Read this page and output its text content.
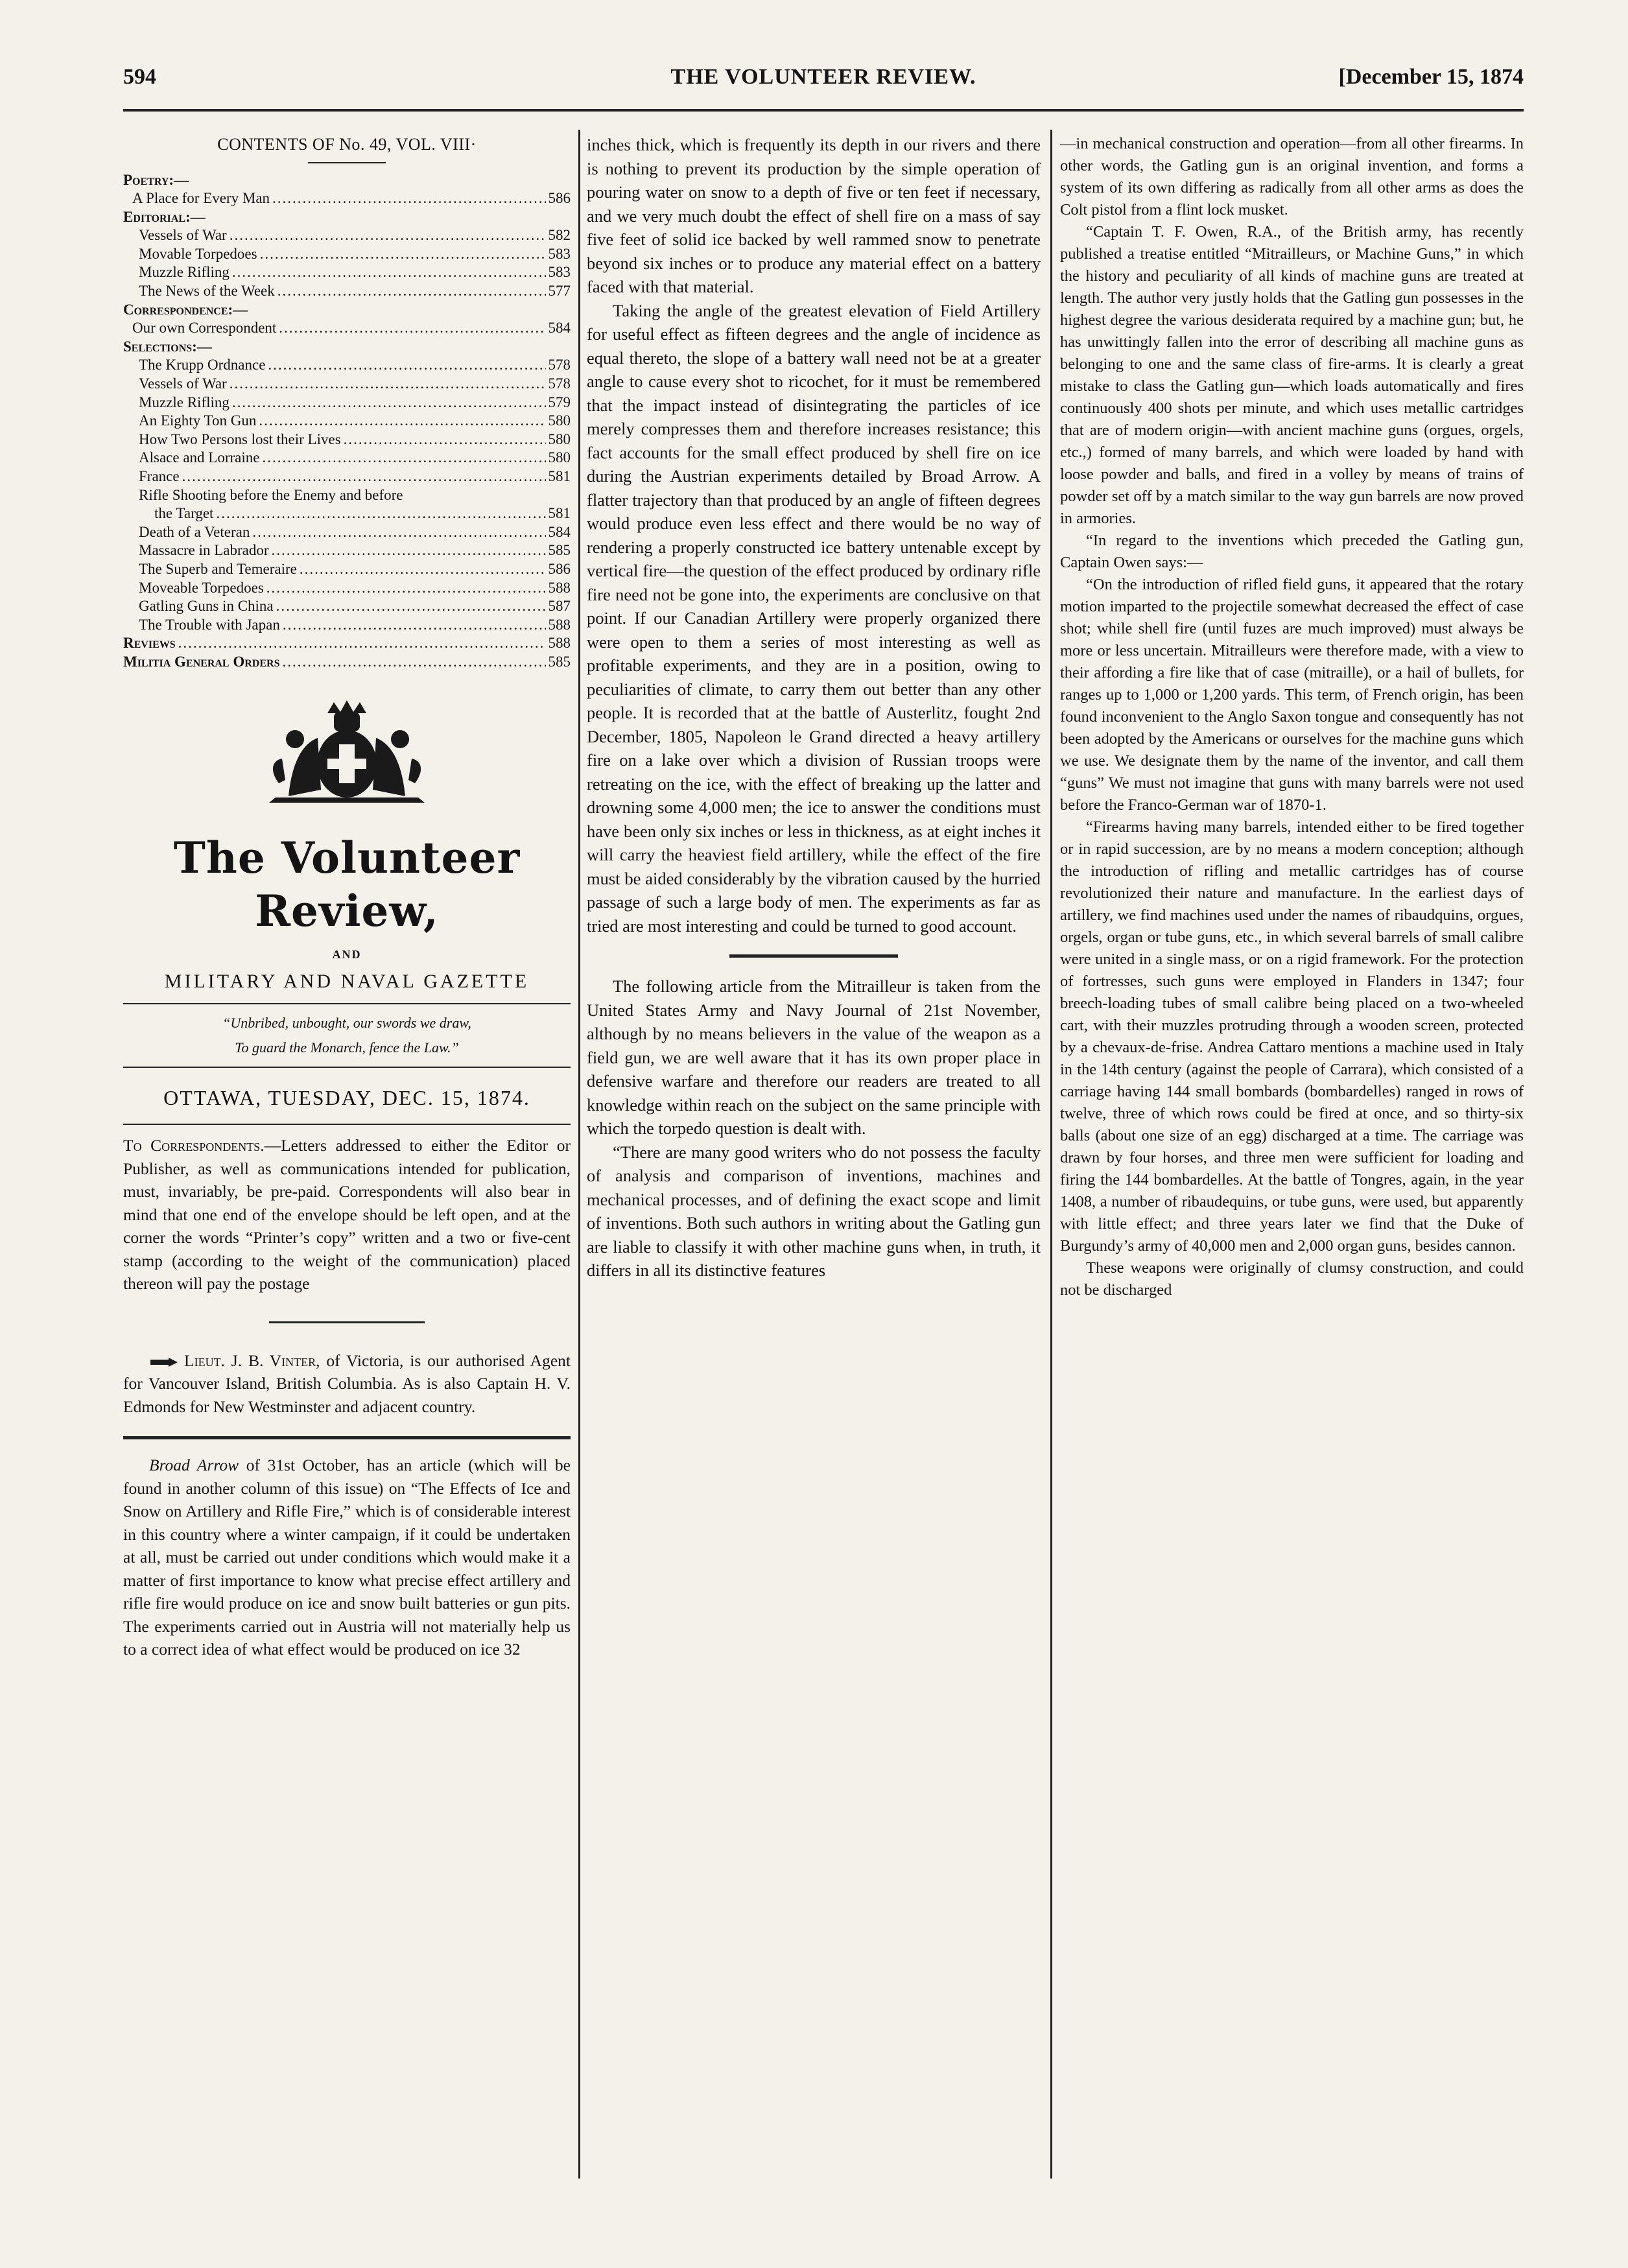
594	THE VOLUNTEER REVIEW.	[December 15, 1874
CONTENTS OF No. 49, VOL. VIII·
Poetry:—
A Place for Every Man .....	586
Editorial:—
Vessels of War .....	582
Movable Torpedoes .....	583
Muzzle Rifling .....	583
The News of the Week .....	577
Correspondence:—
Our own Correspondent .....	584
Selections:—
The Krupp Ordnance .....	578
Vessels of War .....	578
Muzzle Rifling .....	579
An Eighty Ton Gun .....	580
How Two Persons lost their Lives .....	580
Alsace and Lorraine .....	580
France .....	581
Rifle Shooting before the Enemy and before
the Target .....	581
Death of a Veteran .....	584
Massacre in Labrador .....	585
The Superb and Temeraire .....	586
Moveable Torpedoes .....	588
Gatling Guns in China .....	587
The Trouble with Japan .....	588
Reviews .....	588
Militia General Orders .....	585
The Volunteer Review,
AND
MILITARY AND NAVAL GAZETTE
“Unbribed, unbought, our swords we draw,
To guard the Monarch, fence the Law.”
OTTAWA, TUESDAY, DEC. 15, 1874.

To Correspondents.—Letters addressed to either the Editor or Publisher, as well as communications intended for publication, must, invariably, be pre-paid. Correspondents will also bear in mind that one end of the envelope should be left open, and at the corner the words “Printer’s copy” written and a two or five-cent stamp (according to the weight of the communication) placed thereon will pay the postage

Lieut. J. B. Vinter, of Victoria, is our authorised Agent for Vancouver Island, British Columbia. As is also Captain H. V. Edmonds for New Westminster and adjacent country.

Broad Arrow of 31st October, has an article (which will be found in another column of this issue) on “The Effects of Ice and Snow on Artillery and Rifle Fire,” which is of considerable interest in this country where a winter campaign, if it could be undertaken at all, must be carried out under conditions which would make it a matter of first importance to know what precise effect artillery and rifle fire would produce on ice and snow built batteries or gun pits. The experiments carried out in Austria will not materially help us to a correct idea of what effect would be produced on ice 32

inches thick, which is frequently its depth in our rivers and there is nothing to prevent its production by the simple operation of pouring water on snow to a depth of five or ten feet if necessary, and we very much doubt the effect of shell fire on a mass of say five feet of solid ice backed by well rammed snow to penetrate beyond six inches or to produce any material effect on a battery faced with that material.

Taking the angle of the greatest elevation of Field Artillery for useful effect as fifteen degrees and the angle of incidence as equal thereto, the slope of a battery wall need not be at a greater angle to cause every shot to ricochet, for it must be remembered that the impact instead of disintegrating the particles of ice merely compresses them and therefore increases resistance; this fact accounts for the small effect produced by shell fire on ice during the Austrian experiments detailed by Broad Arrow. A flatter trajectory than that produced by an angle of fifteen degrees would produce even less effect and there would be no way of rendering a properly constructed ice battery untenable except by vertical fire—the question of the effect produced by ordinary rifle fire need not be gone into, the experiments are conclusive on that point. If our Canadian Artillery were properly organized there were open to them a series of most interesting as well as profitable experiments, and they are in a position, owing to peculiarities of climate, to carry them out better than any other people. It is recorded that at the battle of Austerlitz, fought 2nd December, 1805, Napoleon le Grand directed a heavy artillery fire on a lake over which a division of Russian troops were retreating on the ice, with the effect of breaking up the latter and drowning some 4,000 men; the ice to answer the conditions must have been only six inches or less in thickness, as at eight inches it will carry the heaviest field artillery, while the effect of the fire must be aided considerably by the vibration caused by the hurried passage of such a large body of men. The experiments as far as tried are most interesting and could be turned to good account.

The following article from the Mitrailleur is taken from the United States Army and Navy Journal of 21st November, although by no means believers in the value of the weapon as a field gun, we are well aware that it has its own proper place in defensive warfare and therefore our readers are treated to all knowledge within reach on the subject on the same principle with which the torpedo question is dealt with.

“There are many good writers who do not possess the faculty of analysis and comparison of inventions, machines and mechanical processes, and of defining the exact scope and limit of inventions. Both such authors in writing about the Gatling gun are liable to classify it with other machine guns when, in truth, it differs in all its distinctive features

—in mechanical construction and operation—from all other firearms. In other words, the Gatling gun is an original invention, and forms a system of its own differing as radically from all other arms as does the Colt pistol from a flint lock musket.

“Captain T. F. Owen, R.A., of the British army, has recently published a treatise entitled “Mitrailleurs, or Machine Guns,” in which the history and peculiarity of all kinds of machine guns are treated at length. The author very justly holds that the Gatling gun possesses in the highest degree the various desiderata required by a machine gun; but, he has unwittingly fallen into the error of describing all machine guns as belonging to one and the same class of fire-arms. It is clearly a great mistake to class the Gatling gun—which loads automatically and fires continuously 400 shots per minute, and which uses metallic cartridges that are of modern origin—with ancient machine guns (orgues, orgels, etc.,) formed of many barrels, and which were loaded by hand with loose powder and balls, and fired in a volley by means of trains of powder set off by a match similar to the way gun barrels are now proved in armories.

“In regard to the inventions which preceded the Gatling gun, Captain Owen says:—

“On the introduction of rifled field guns, it appeared that the rotary motion imparted to the projectile somewhat decreased the effect of case shot; while shell fire (until fuzes are much improved) must always be more or less uncertain. Mitrailleurs were therefore made, with a view to their affording a fire like that of case (mitraille), or a hail of bullets, for ranges up to 1,000 or 1,200 yards. This term, of French origin, has been found inconvenient to the Anglo Saxon tongue and consequently has not been adopted by the Americans or ourselves for the machine guns which we use. We designate them by the name of the inventor, and call them “guns” We must not imagine that guns with many barrels were not used before the Franco-German war of 1870-1.

“Firearms having many barrels, intended either to be fired together or in rapid succession, are by no means a modern conception; although the introduction of rifling and metallic cartridges has of course revolutionized their nature and manufacture. In the earliest days of artillery, we find machines used under the names of ribaudquins, orgues, orgels, organ or tube guns, etc., in which several barrels of small calibre were united in a single mass, or on a rigid framework. For the protection of fortresses, such guns were employed in Flanders in 1347; four breech-loading tubes of small calibre being placed on a two-wheeled cart, with their muzzles protruding through a wooden screen, protected by a chevaux-de-frise. Andrea Cattaro mentions a machine used in Italy in the 14th century (against the people of Carrara), which consisted of a carriage having 144 small bombards (bombardelles) ranged in rows of twelve, three of which rows could be fired at once, and so thirty-six balls (about one size of an egg) discharged at a time. The carriage was drawn by four horses, and three men were sufficient for loading and firing the 144 bombardelles. At the battle of Tongres, again, in the year 1408, a number of ribaudequins, or tube guns, were used, but apparently with little effect; and three years later we find that the Duke of Burgundy’s army of 40,000 men and 2,000 organ guns, besides cannon.

These weapons were originally of clumsy construction, and could not be discharged
